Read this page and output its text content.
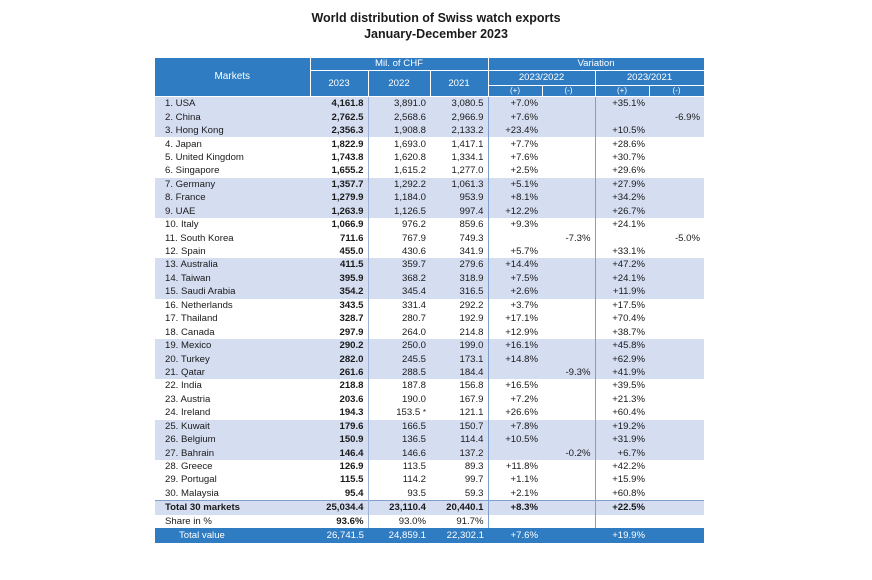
World distribution of Swiss watch exports
January-December 2023
Markets	Mil. of CHF			Variation			
	2023	2022	2021	2023/2022		2023/2021	
				(+)	(-)	(+)	(-)
1. USA	4,161.8	3,891.0	3,080.5	+7.0%		+35.1%	
2. China	2,762.5	2,568.6	2,966.9	+7.6%			-6.9%
3. Hong Kong	2,356.3	1,908.8	2,133.2	+23.4%		+10.5%	
4. Japan	1,822.9	1,693.0	1,417.1	+7.7%		+28.6%	
5. United Kingdom	1,743.8	1,620.8	1,334.1	+7.6%		+30.7%	
6. Singapore	1,655.2	1,615.2	1,277.0	+2.5%		+29.6%	
7. Germany	1,357.7	1,292.2	1,061.3	+5.1%		+27.9%	
8. France	1,279.9	1,184.0	953.9	+8.1%		+34.2%	
9. UAE	1,263.9	1,126.5	997.4	+12.2%		+26.7%	
10. Italy	1,066.9	976.2	859.6	+9.3%		+24.1%	
11. South Korea	711.6	767.9	749.3		-7.3%		-5.0%
12. Spain	455.0	430.6	341.9	+5.7%		+33.1%	
13. Australia	411.5	359.7	279.6	+14.4%		+47.2%	
14. Taiwan	395.9	368.2	318.9	+7.5%		+24.1%	
15. Saudi Arabia	354.2	345.4	316.5	+2.6%		+11.9%	
16. Netherlands	343.5	331.4	292.2	+3.7%		+17.5%	
17. Thailand	328.7	280.7	192.9	+17.1%		+70.4%	
18. Canada	297.9	264.0	214.8	+12.9%		+38.7%	
19. Mexico	290.2	250.0	199.0	+16.1%		+45.8%	
20. Turkey	282.0	245.5	173.1	+14.8%		+62.9%	
21. Qatar	261.6	288.5	184.4		-9.3%	+41.9%	
22. India	218.8	187.8	156.8	+16.5%		+39.5%	
23. Austria	203.6	190.0	167.9	+7.2%		+21.3%	
24. Ireland	194.3	153.5 *	121.1	+26.6%		+60.4%	
25. Kuwait	179.6	166.5	150.7	+7.8%		+19.2%	
26. Belgium	150.9	136.5	114.4	+10.5%		+31.9%	
27. Bahrain	146.4	146.6	137.2		-0.2%	+6.7%	
28. Greece	126.9	113.5	89.3	+11.8%		+42.2%	
29. Portugal	115.5	114.2	99.7	+1.1%		+15.9%	
30. Malaysia	95.4	93.5	59.3	+2.1%		+60.8%	
Total 30 markets	25,034.4	23,110.4	20,440.1	+8.3%		+22.5%	
Share in %	93.6%	93.0%	91.7%				
Total value	26,741.5	24,859.1	22,302.1	+7.6%		+19.9%	
